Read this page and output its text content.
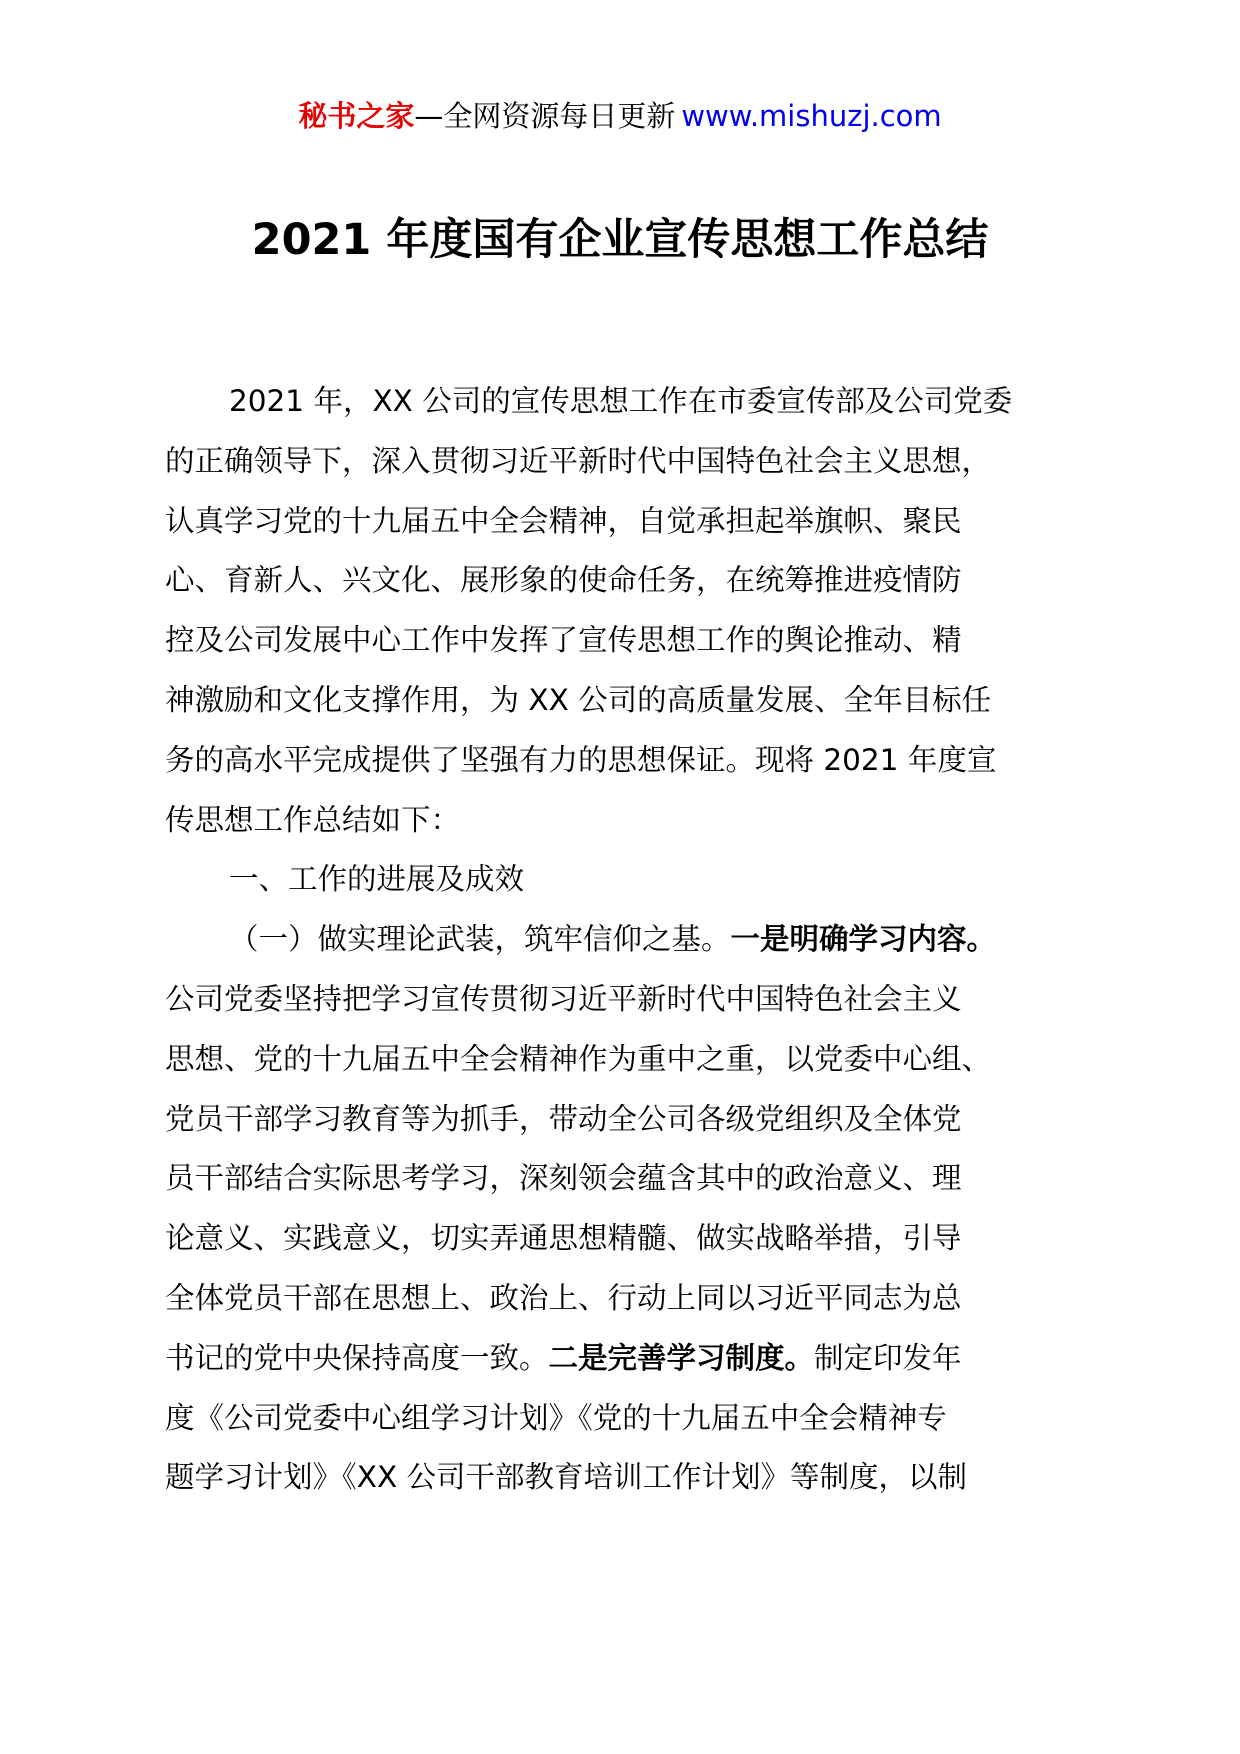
秘书之家—全网资源每日更新 www.mishuzj.com
2021 年度国有企业宣传思想工作总结
2021 年，XX 公司的宣传思想工作在市委宣传部及公司党委
的正确领导下，深入贯彻习近平新时代中国特色社会主义思想，
认真学习党的十九届五中全会精神，自觉承担起举旗帜、聚民
心、育新人、兴文化、展形象的使命任务，在统筹推进疫情防
控及公司发展中心工作中发挥了宣传思想工作的舆论推动、精
神激励和文化支撑作用，为 XX 公司的高质量发展、全年目标任
务的高水平完成提供了坚强有力的思想保证。现将 2021 年度宣
传思想工作总结如下：
一、工作的进展及成效
（一）做实理论武装，筑牢信仰之基。一是明确学习内容。
公司党委坚持把学习宣传贯彻习近平新时代中国特色社会主义
思想、党的十九届五中全会精神作为重中之重，以党委中心组、
党员干部学习教育等为抓手，带动全公司各级党组织及全体党
员干部结合实际思考学习，深刻领会蕴含其中的政治意义、理
论意义、实践意义，切实弄通思想精髓、做实战略举措，引导
全体党员干部在思想上、政治上、行动上同以习近平同志为总
书记的党中央保持高度一致。二是完善学习制度。制定印发年
度《公司党委中心组学习计划》《党的十九届五中全会精神专
题学习计划》《XX 公司干部教育培训工作计划》等制度，以制
